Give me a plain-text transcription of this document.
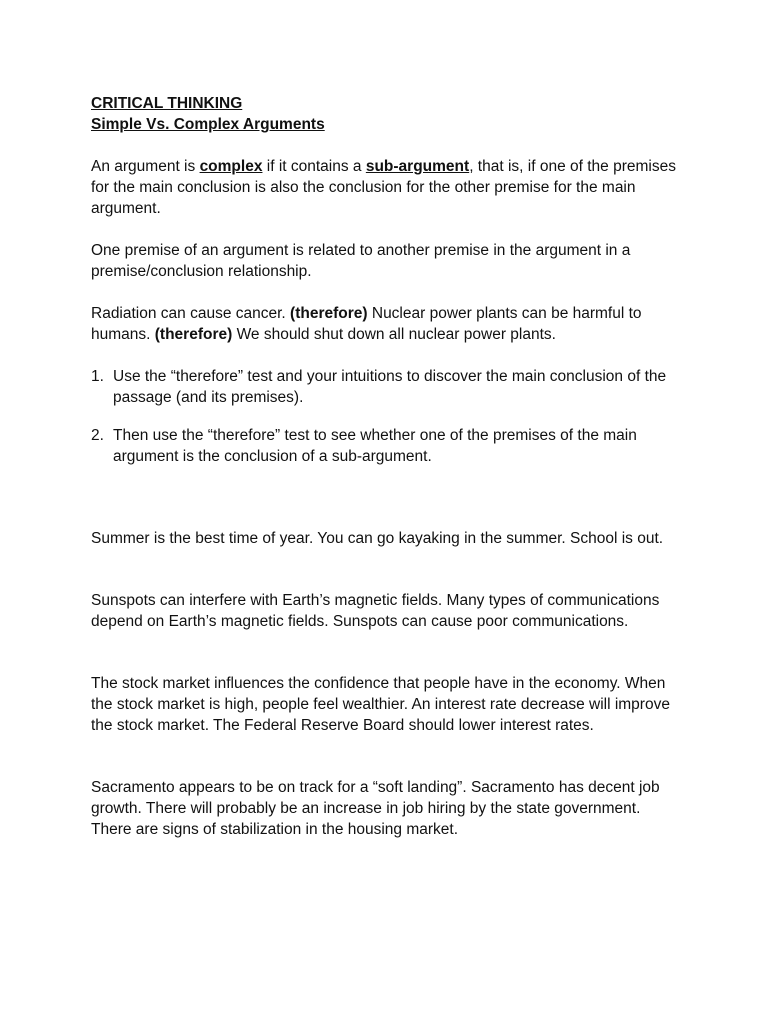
CRITICAL THINKING

Simple Vs. Complex Arguments

An argument is complex if it contains a sub-argument, that is, if one of the premises for the main conclusion is also the conclusion for the other premise for the main argument.

One premise of an argument is related to another premise in the argument in a premise/conclusion relationship.

Radiation can cause cancer. (therefore) Nuclear power plants can be harmful to humans. (therefore) We should shut down all nuclear power plants.

1. Use the “therefore” test and your intuitions to discover the main conclusion of the passage (and its premises).
2. Then use the “therefore” test to see whether one of the premises of the main argument is the conclusion of a sub-argument.

Summer is the best time of year. You can go kayaking in the summer. School is out.

Sunspots can interfere with Earth’s magnetic fields. Many types of communications depend on Earth’s magnetic fields. Sunspots can cause poor communications.

The stock market influences the confidence that people have in the economy. When the stock market is high, people feel wealthier. An interest rate decrease will improve the stock market. The Federal Reserve Board should lower interest rates.

Sacramento appears to be on track for a “soft landing”. Sacramento has decent job growth. There will probably be an increase in job hiring by the state government. There are signs of stabilization in the housing market.
